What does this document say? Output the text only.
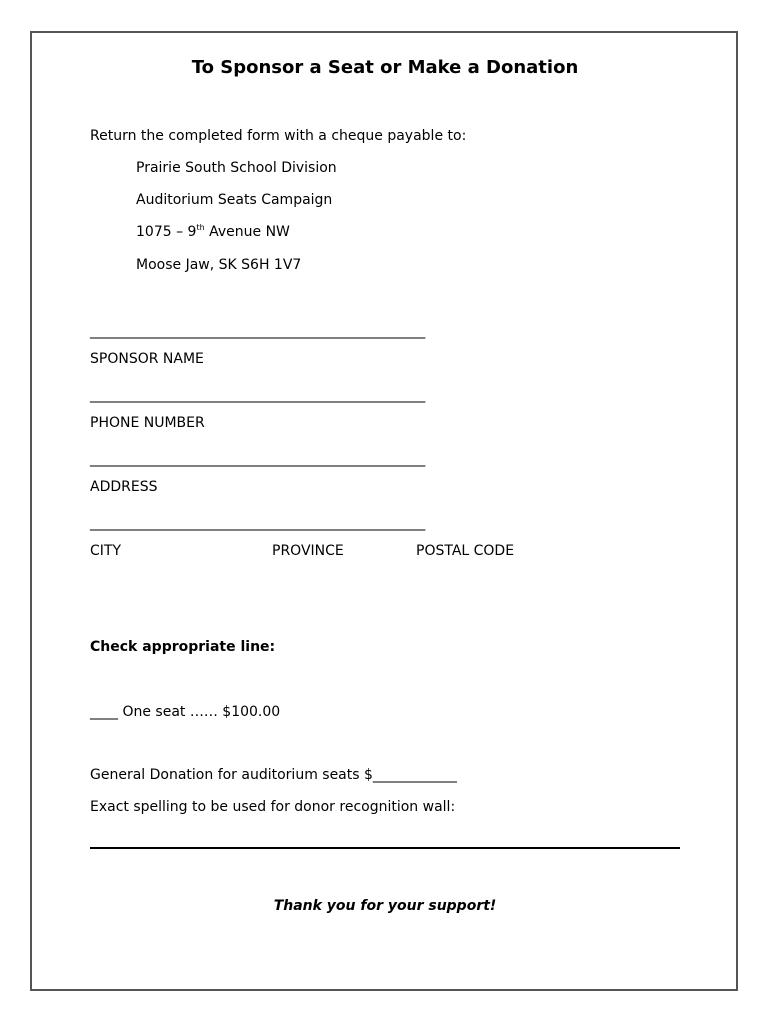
To Sponsor a Seat or Make a Donation
Return the completed form with a cheque payable to:
Prairie South School Division
Auditorium Seats Campaign
1075 – 9th Avenue NW
Moose Jaw, SK S6H 1V7
__________________________________________________
SPONSOR NAME
__________________________________________________
PHONE NUMBER
__________________________________________________
ADDRESS
__________________________________________________
CITY	PROVINCE	POSTAL CODE
Check appropriate line:
____ One seat …… $100.00
General Donation for auditorium seats $____________
Exact spelling to be used for donor recognition wall:
Thank you for your support!
